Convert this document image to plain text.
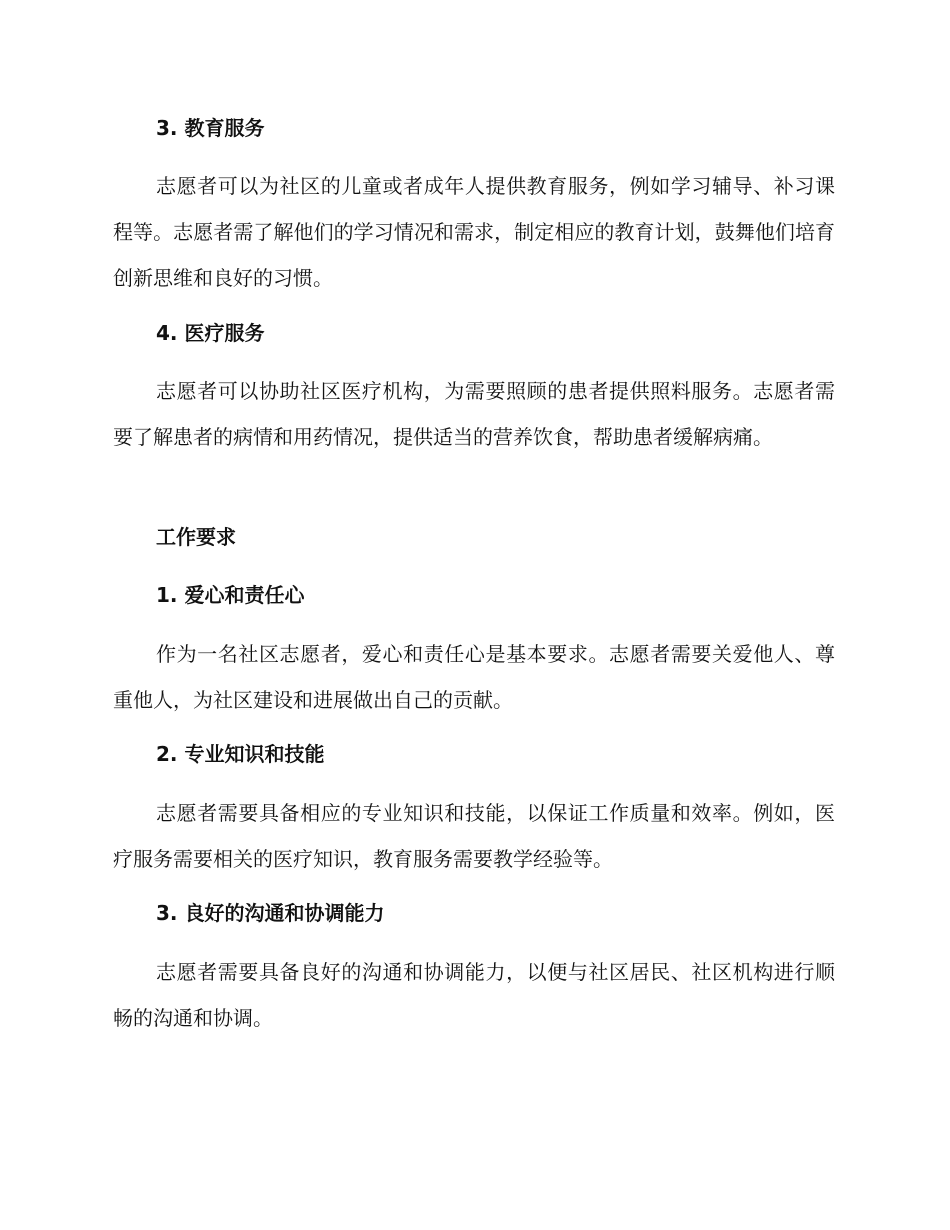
3. 教育服务

志愿者可以为社区的儿童或者成年人提供教育服务，例如学习辅导、补习课程等。志愿者需了解他们的学习情况和需求，制定相应的教育计划，鼓舞他们培育创新思维和良好的习惯。

4. 医疗服务

志愿者可以协助社区医疗机构，为需要照顾的患者提供照料服务。志愿者需要了解患者的病情和用药情况，提供适当的营养饮食，帮助患者缓解病痛。

工作要求
1. 爱心和责任心

作为一名社区志愿者，爱心和责任心是基本要求。志愿者需要关爱他人、尊重他人，为社区建设和进展做出自己的贡献。

2. 专业知识和技能

志愿者需要具备相应的专业知识和技能，以保证工作质量和效率。例如，医疗服务需要相关的医疗知识，教育服务需要教学经验等。

3. 良好的沟通和协调能力

志愿者需要具备良好的沟通和协调能力，以便与社区居民、社区机构进行顺畅的沟通和协调。
